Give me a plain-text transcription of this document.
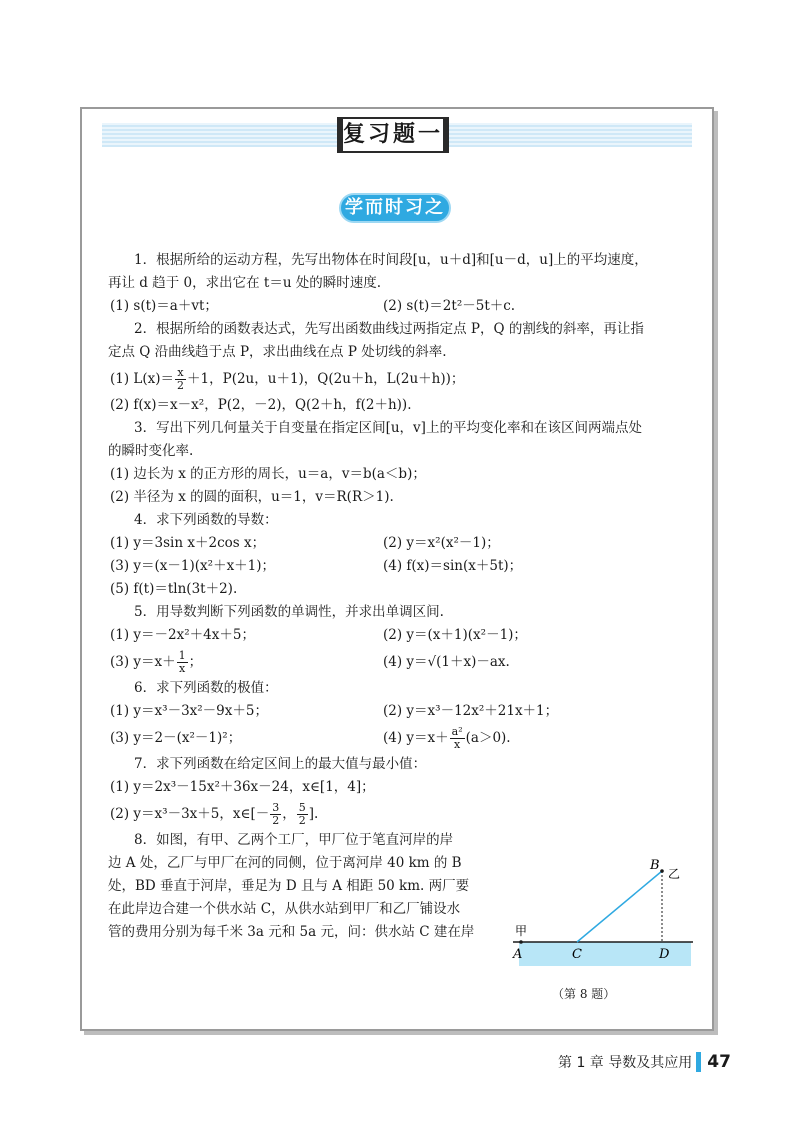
复习题一
学而时习之
1．根据所给的运动方程，先写出物体在时间段[u，u＋d]和[u－d，u]上的平均速度，
再让 d 趋于 0，求出它在 t＝u 处的瞬时速度.
(1) s(t)＝a＋vt；	(2) s(t)＝2t²－5t＋c.
2．根据所给的函数表达式，先写出函数曲线过两指定点 P，Q 的割线的斜率，再让指
定点 Q 沿曲线趋于点 P，求出曲线在点 P 处切线的斜率.
(1) $L(x)= \frac{x}{2} +1$，P(2u，u＋1)，Q(2u＋h，L(2u＋h))；
(2) f(x)＝x－x²，P(2，－2)，Q(2＋h，f(2＋h)).
3．写出下列几何量关于自变量在指定区间[u，v]上的平均变化率和在该区间两端点处
的瞬时变化率.
(1) 边长为 x 的正方形的周长，u＝a，v＝b(a＜b)；
(2) 半径为 x 的圆的面积，u＝1，v＝R(R＞1).
4．求下列函数的导数：
(1) y＝3sin x＋2cos x；	(2) y＝x²(x²－1)；
(3) y＝(x－1)(x²＋x＋1)；	(4) f(x)＝sin(x＋5t)；
(5) f(t)＝tln(3t＋2).
5．用导数判断下列函数的单调性，并求出单调区间.
(1) y＝－2x²＋4x＋5；	(2) y＝(x＋1)(x²－1)；
(3) $y=x+ \frac{1}{x}$ ；	(4) y＝√(1＋x)－ax.
6．求下列函数的极值：
(1) y＝x³－3x²－9x＋5；	(2) y＝x³－12x²＋21x＋1；
(3) y＝2－(x²－1)²；	(4) $y=x+ \frac{\text{a²}}{x} (a>0)$.
7．求下列函数在给定区间上的最大值与最小值：
(1) y＝2x³－15x²＋36x－24，x∈[1，4]；
(2) y＝x³－3x＋5，x∈[－ $\frac{3}{2}$ ， $\frac{5}{2}$ ].
8．如图，有甲、乙两个工厂，甲厂位于笔直河岸的岸
边 A 处，乙厂与甲厂在河的同侧，位于离河岸 40 km 的 B
处，BD 垂直于河岸，垂足为 D 且与 A 相距 50 km. 两厂要
在此岸边合建一个供水站 C，从供水站到甲厂和乙厂铺设水
管的费用分别为每千米 3a 元和 5a 元，问：供水站 C 建在岸	甲
A	C	D
B
乙
（第 8 题）
第 1 章 导数及其应用 47
